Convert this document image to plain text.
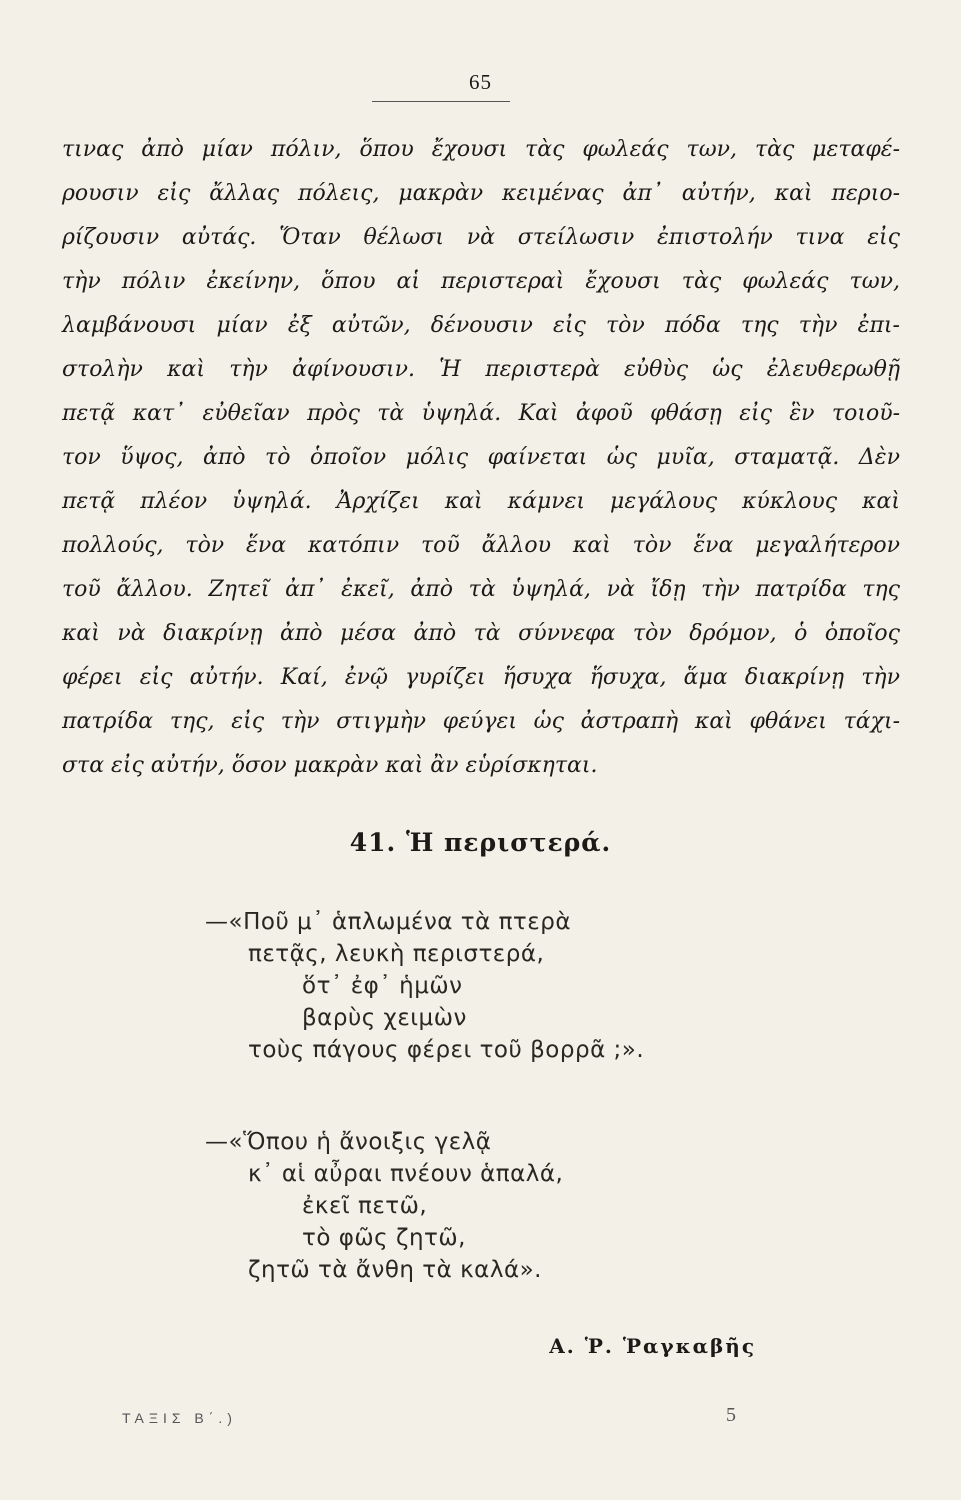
65
τινας ἀπὸ μίαν πόλιν, ὅπου ἔχουσι τὰς φωλεάς των, τὰς μεταφέ-
ρουσιν εἰς ἄλλας πόλεις, μακρὰν κειμένας ἀπ᾽ αὐτήν, καὶ περιο-
ρίζουσιν αὐτάς. Ὅταν θέλωσι νὰ στείλωσιν ἐπιστολήν τινα εἰς
τὴν πόλιν ἐκείνην, ὅπου αἱ περιστεραὶ ἔχουσι τὰς φωλεάς των,
λαμβάνουσι μίαν ἐξ αὐτῶν, δένουσιν εἰς τὸν πόδα της τὴν ἐπι-
στολὴν καὶ τὴν ἀφίνουσιν. Ἡ περιστερὰ εὐθὺς ὡς ἐλευθερωθῇ
πετᾷ κατ᾽ εὐθεῖαν πρὸς τὰ ὑψηλά. Καὶ ἀφοῦ φθάσῃ εἰς ἓν τοιοῦ-
τον ὕψος, ἀπὸ τὸ ὁποῖον μόλις φαίνεται ὡς μυῖα, σταματᾷ. Δὲν
πετᾷ πλέον ὑψηλά. Ἀρχίζει καὶ κάμνει μεγάλους κύκλους καὶ
πολλούς, τὸν ἕνα κατόπιν τοῦ ἄλλου καὶ τὸν ἕνα μεγαλήτερον
τοῦ ἄλλου. Ζητεῖ ἀπ᾽ ἐκεῖ, ἀπὸ τὰ ὑψηλά, νὰ ἴδῃ τὴν πατρίδα της
καὶ νὰ διακρίνῃ ἀπὸ μέσα ἀπὸ τὰ σύννεφα τὸν δρόμον, ὁ ὁποῖος
φέρει εἰς αὐτήν. Καί, ἐνῷ γυρίζει ἥσυχα ἥσυχα, ἅμα διακρίνῃ τὴν
πατρίδα της, εἰς τὴν στιγμὴν φεύγει ὡς ἀστραπὴ καὶ φθάνει τάχι-
στα εἰς αὐτήν, ὅσον μακρὰν καὶ ἂν εὑρίσκηται.
41. Ἡ περιστερά.
—«Ποῦ μ᾽ ἁπλωμένα τὰ πτερὰ
πετᾷς, λευκὴ περιστερά,
ὅτ᾽ ἐφ᾽ ἡμῶν
βαρὺς χειμὼν
τοὺς πάγους φέρει τοῦ βορρᾶ ;».
—«Ὅπου ἡ ἄνοιξις γελᾷ
κ᾽ αἱ αὖραι πνέουν ἁπαλά,
ἐκεῖ πετῶ,
τὸ φῶς ζητῶ,
ζητῶ τὰ ἄνθη τὰ καλά».
Α. Ῥ. Ῥαγκαβῆς
ΤΑΞΙΣ Β΄.)	5
